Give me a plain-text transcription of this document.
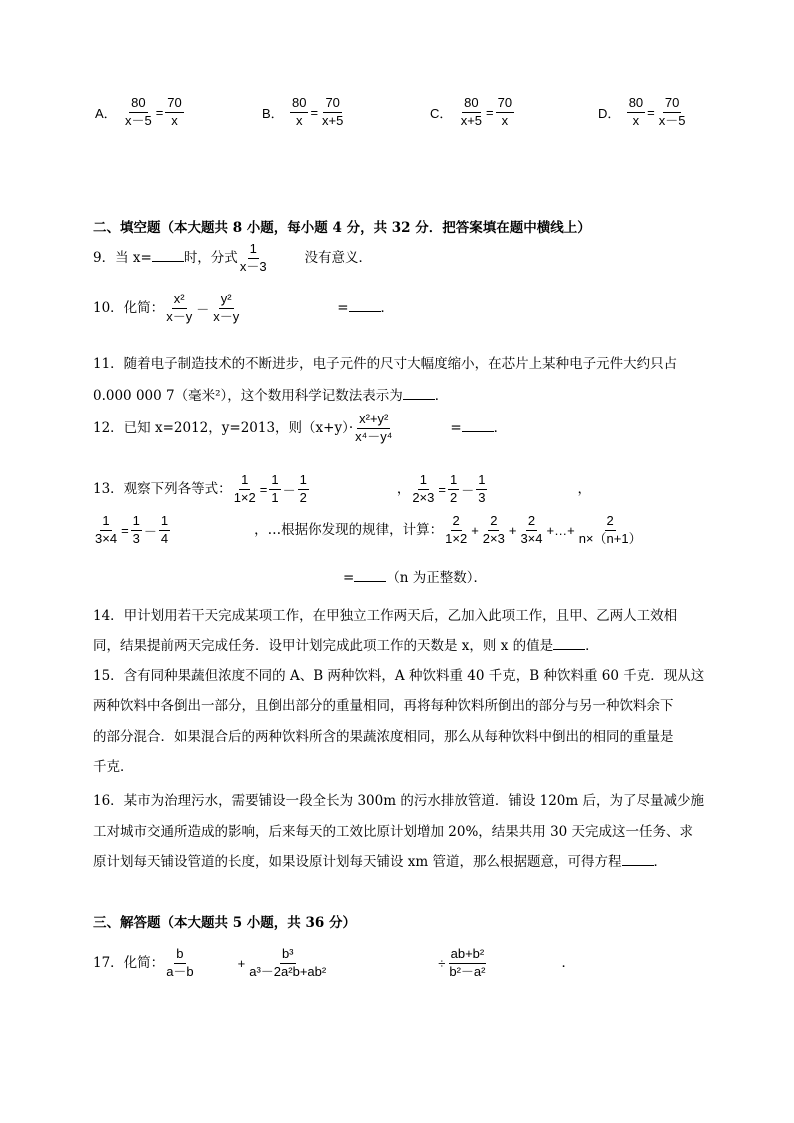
A． $\frac{80}{x-5} = \frac{70}{x}$	B． $\frac{80}{x} = \frac{70}{x+5}$	C． $\frac{80}{x+5} = \frac{70}{x}$	D． $\frac{80}{x} = \frac{70}{x-5}$
二、填空题（本大题共 8 小题，每小题 4 分，共 32 分．把答案填在题中横线上）
9．当 x= 时，分式 $\frac{1}{x-3}$	没有意义．
10．化简： $\frac{\text{x²}}{x-y} - \frac{\text{y²}}{x-y}$	= ．
11．随着电子制造技术的不断进步，电子元件的尺寸大幅度缩小，在芯片上某种电子元件大约只占
0.000 000 7（毫米²），这个数用科学记数法表示为 ．
12．已知 x=2012，y=2013，则$(x+y)\cdot \frac{\text{x²+y²}}{\text{x⁴－y⁴}}$	= ．
13．观察下列各等式： $\frac{1}{1\times 2} = \frac{1}{1} - \frac{1}{2}$	， $\frac{1}{2\times 3} = \frac{1}{2} - \frac{1}{3}$	，
$\frac{1}{3\times 4} = \frac{1}{3} - \frac{1}{4}$	，…根据你发现的规律，计算： $\frac{2}{1\times 2} + \frac{2}{2\times 3} + \frac{2}{3\times 4}$ +…+ $\frac{2}{n\times(n+1)}$
= （n 为正整数）．
14．甲计划用若干天完成某项工作，在甲独立工作两天后，乙加入此项工作，且甲、乙两人工效相
同，结果提前两天完成任务．设甲计划完成此项工作的天数是 x，则 x 的值是 ．
15．含有同种果蔬但浓度不同的 A、B 两种饮料，A 种饮料重 40 千克，B 种饮料重 60 千克．现从这
两种饮料中各倒出一部分，且倒出部分的重量相同，再将每种饮料所倒出的部分与另一种饮料余下
的部分混合．如果混合后的两种饮料所含的果蔬浓度相同，那么从每种饮料中倒出的相同的重量是
千克．
16．某市为治理污水，需要铺设一段全长为 300m 的污水排放管道．铺设 120m 后，为了尽量减少施
工对城市交通所造成的影响，后来每天的工效比原计划增加 20%，结果共用 30 天完成这一任务、求
原计划每天铺设管道的长度，如果设原计划每天铺设 xm 管道，那么根据题意，可得方程 ．
三、解答题（本大题共 5 小题，共 36 分）
17．化简： $\frac{b}{a-b}$	+ $\frac{\text{b³}}{\text{a³－2a²b+ab²}}$	÷ $\frac{\text{ab+b²}}{\text{b²－a²}}$	．
